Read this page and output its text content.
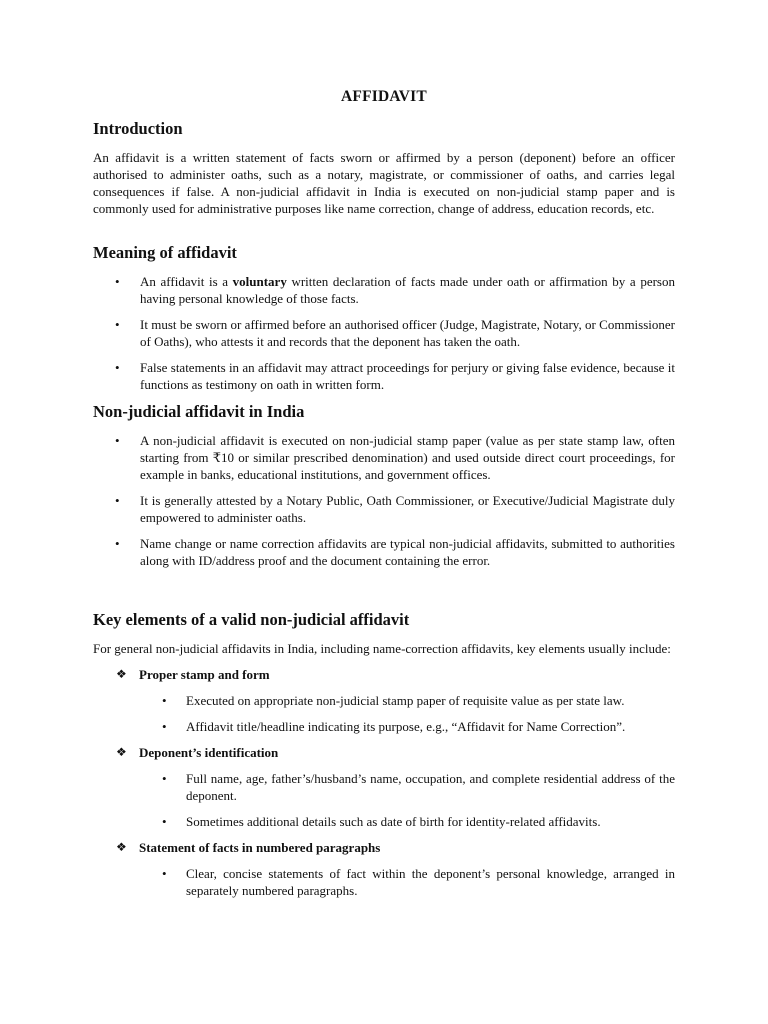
AFFIDAVIT
Introduction

An affidavit is a written statement of facts sworn or affirmed by a person (deponent) before an officer authorised to administer oaths, such as a notary, magistrate, or commissioner of oaths, and carries legal consequences if false. A non-judicial affidavit in India is executed on non-judicial stamp paper and is commonly used for administrative purposes like name correction, change of address, education records, etc.

Meaning of affidavit
• An affidavit is a voluntary written declaration of facts made under oath or affirmation by a person having personal knowledge of those facts.
• It must be sworn or affirmed before an authorised officer (Judge, Magistrate, Notary, or Commissioner of Oaths), who attests it and records that the deponent has taken the oath.
• False statements in an affidavit may attract proceedings for perjury or giving false evidence, because it functions as testimony on oath in written form.
Non-judicial affidavit in India
• A non-judicial affidavit is executed on non-judicial stamp paper (value as per state stamp law, often starting from ₹10 or similar prescribed denomination) and used outside direct court proceedings, for example in banks, educational institutions, and government offices.
• It is generally attested by a Notary Public, Oath Commissioner, or Executive/Judicial Magistrate duly empowered to administer oaths.
• Name change or name correction affidavits are typical non-judicial affidavits, submitted to authorities along with ID/address proof and the document containing the error.
Key elements of a valid non-judicial affidavit

For general non-judicial affidavits in India, including name-correction affidavits, key elements usually include:

❖ Proper stamp and form
• Executed on appropriate non-judicial stamp paper of requisite value as per state law.
• Affidavit title/headline indicating its purpose, e.g., “Affidavit for Name Correction”.
❖ Deponent’s identification
• Full name, age, father’s/husband’s name, occupation, and complete residential address of the deponent.
• Sometimes additional details such as date of birth for identity-related affidavits.
❖ Statement of facts in numbered paragraphs
• Clear, concise statements of fact within the deponent’s personal knowledge, arranged in separately numbered paragraphs.
